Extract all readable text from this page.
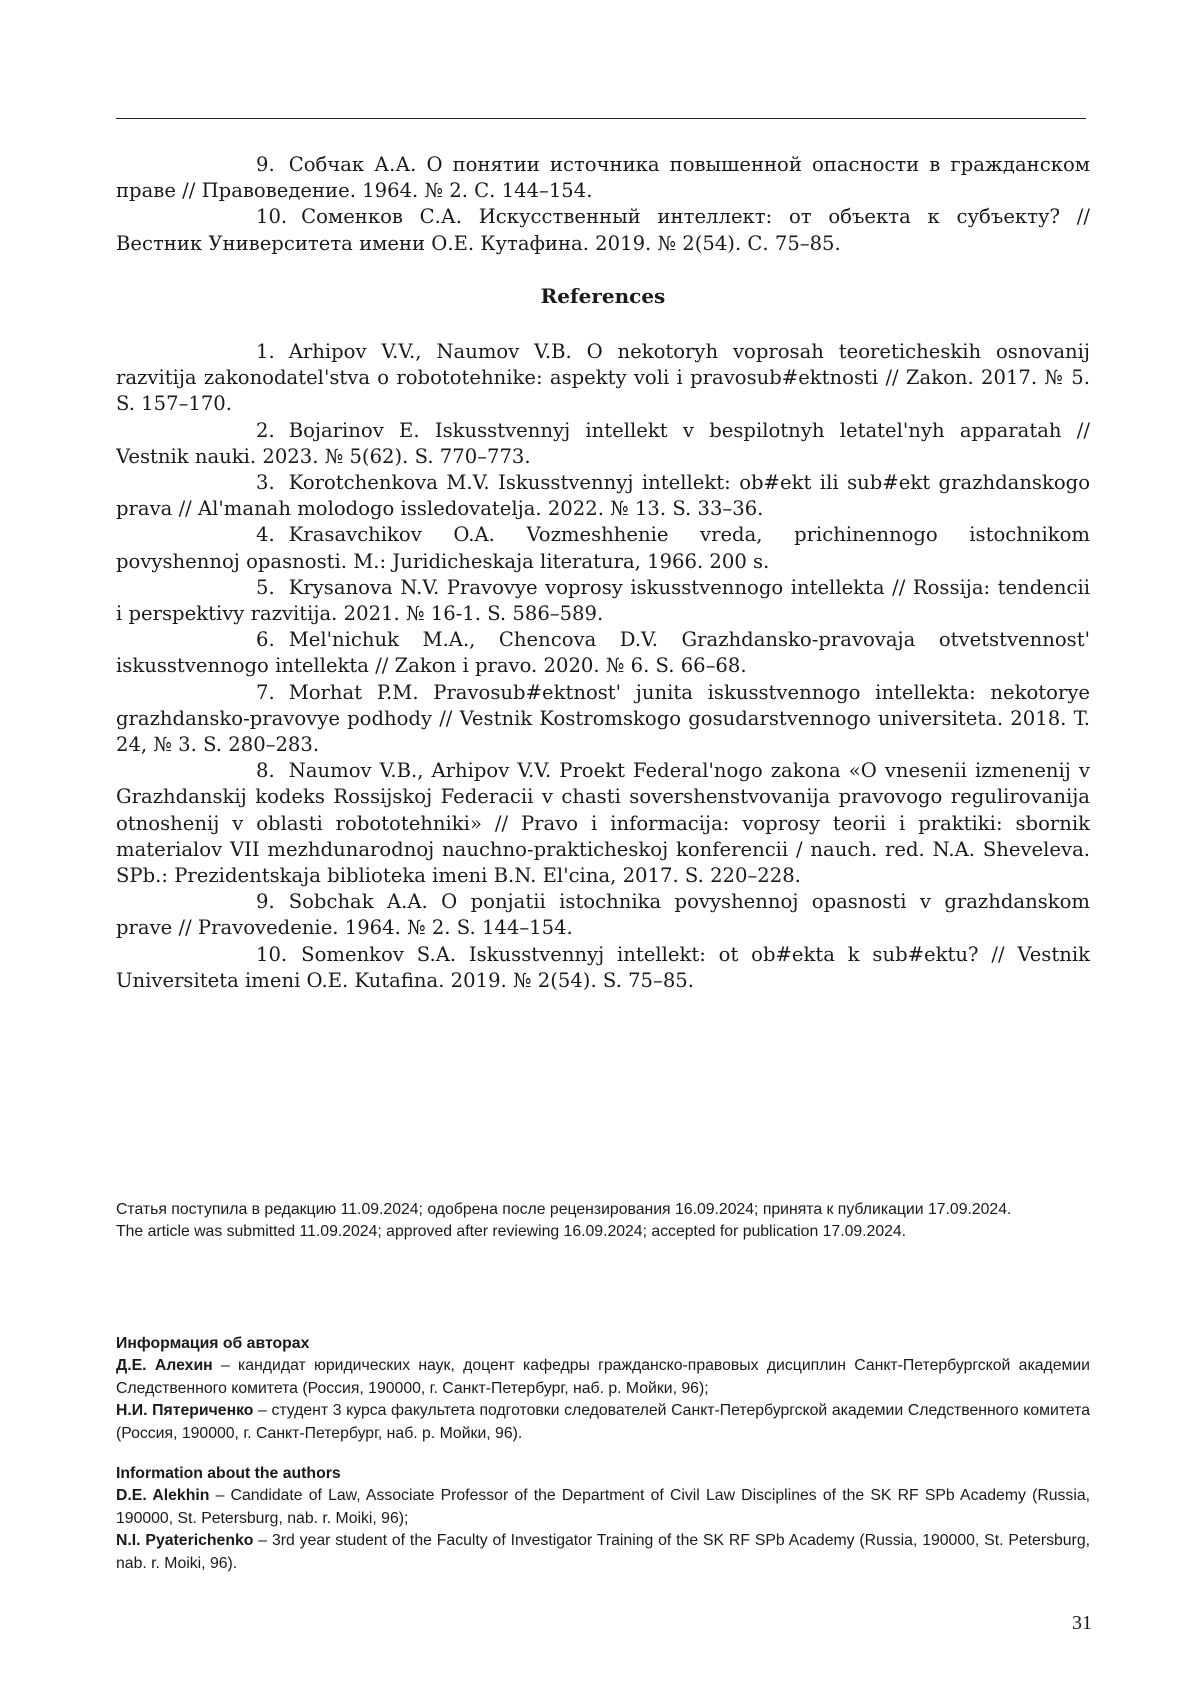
9. Собчак А.А. О понятии источника повышенной опасности в гражданском праве // Правоведение. 1964. № 2. С. 144–154.

10. Соменков С.А. Искусственный интеллект: от объекта к субъекту? // Вестник Университета имени О.Е. Кутафина. 2019. № 2(54). С. 75–85.

References

1. Arhipov V.V., Naumov V.B. O nekotoryh voprosah teoreticheskih osnovanij razvitija zakonodatel'stva o robototehnike: aspekty voli i pravosub#ektnosti // Zakon. 2017. № 5. S. 157–170.

2. Bojarinov E. Iskusstvennyj intellekt v bespilotnyh letatel'nyh apparatah // Vestnik nauki. 2023. № 5(62). S. 770–773.

3. Korotchenkova M.V. Iskusstvennyj intellekt: ob#ekt ili sub#ekt grazhdanskogo prava // Al'manah molodogo issledovatelja. 2022. № 13. S. 33–36.

4. Krasavchikov O.A. Vozmeshhenie vreda, prichinennogo istochnikom povyshennoj opasnosti. M.: Juridicheskaja literatura, 1966. 200 s.

5. Krysanova N.V. Pravovye voprosy iskusstvennogo intellekta // Rossija: tendencii i perspektivy razvitija. 2021. № 16-1. S. 586–589.

6. Mel'nichuk M.A., Chencova D.V. Grazhdansko-pravovaja otvetstvennost' iskusstvennogo intellekta // Zakon i pravo. 2020. № 6. S. 66–68.

7. Morhat P.M. Pravosub#ektnost' junita iskusstvennogo intellekta: nekotorye grazhdansko-pravovye podhody // Vestnik Kostromskogo gosudarstvennogo universiteta. 2018. T. 24, № 3. S. 280–283.

8. Naumov V.B., Arhipov V.V. Proekt Federal'nogo zakona «O vnesenii izmenenij v Grazhdanskij kodeks Rossijskoj Federacii v chasti sovershenstvovanija pravovogo regulirovanija otnoshenij v oblasti robototehniki» // Pravo i informacija: voprosy teorii i praktiki: sbornik materialov VII mezhdunarodnoj nauchno-prakticheskoj konferencii / nauch. red. N.A. Sheveleva. SPb.: Prezidentskaja biblioteka imeni B.N. El'cina, 2017. S. 220–228.

9. Sobchak A.A. O ponjatii istochnika povyshennoj opasnosti v grazhdanskom prave // Pravovedenie. 1964. № 2. S. 144–154.

10. Somenkov S.A. Iskusstvennyj intellekt: ot ob#ekta k sub#ektu? // Vestnik Universiteta imeni O.E. Kutafina. 2019. № 2(54). S. 75–85.

Статья поступила в редакцию 11.09.2024; одобрена после рецензирования 16.09.2024; принята к публикации 17.09.2024.

The article was submitted 11.09.2024; approved after reviewing 16.09.2024; accepted for publication 17.09.2024.

Информация об авторах

Д.Е. Алехин – кандидат юридических наук, доцент кафедры гражданско-правовых дисциплин Санкт-Петербургской академии Следственного комитета (Россия, 190000, г. Санкт-Петербург, наб. р. Мойки, 96);

Н.И. Пятериченко – студент 3 курса факультета подготовки следователей Санкт-Петербургской академии Следственного комитета (Россия, 190000, г. Санкт-Петербург, наб. р. Мойки, 96).

Information about the authors

D.E. Alekhin – Candidate of Law, Associate Professor of the Department of Civil Law Disciplines of the SK RF SPb Academy (Russia, 190000, St. Petersburg, nab. r. Moiki, 96);

N.I. Pyaterichenko – 3rd year student of the Faculty of Investigator Training of the SK RF SPb Academy (Russia, 190000, St. Petersburg, nab. r. Moiki, 96).

31
